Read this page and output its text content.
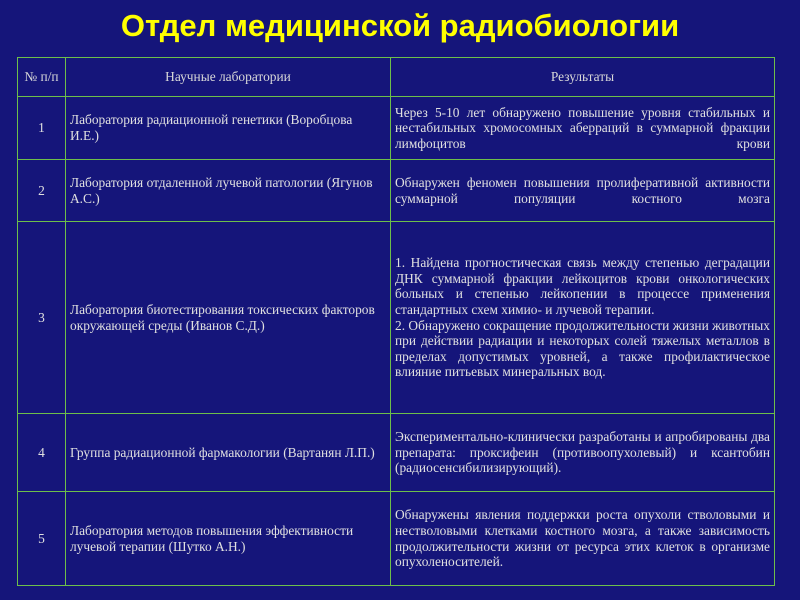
Отдел медицинской радиобиологии
№ п/п	Научные лаборатории	Результаты
1	Лаборатория радиационной генетики (Воробцова И.Е.)	Через 5-10 лет обнаружено повышение уровня стабильных и нестабильных хромосомных аберраций в суммарной фракции лимфоцитов крови
2	Лаборатория отдаленной лучевой патологии (Ягунов А.С.)	Обнаружен феномен повышения пролиферативной активности суммарной популяции костного мозга
3	Лаборатория биотестирования токсических факторов окружающей среды (Иванов С.Д.)	1. Найдена прогностическая связь между степенью деградации ДНК суммарной фракции лейкоцитов крови онкологических больных и степенью лейкопении в процессе применения стандартных схем химио- и лучевой терапии.
2. Обнаружено сокращение продолжительности жизни животных при действии радиации и некоторых солей тяжелых металлов в пределах допустимых уровней, а также профилактическое влияние питьевых минеральных вод.

4	Группа радиационной фармакологии (Вартанян Л.П.)	Экспериментально-клинически разработаны и апробированы два препарата: проксифеин (противоопухолевый) и ксантобин (радиосенсибилизирующий).
5	Лаборатория методов повышения эффективности лучевой терапии (Шутко А.Н.)	Обнаружены явления поддержки роста опухоли стволовыми и нестволовыми клетками костного мозга, а также зависимость продолжительности жизни от ресурса этих клеток в организме опухоленосителей.
